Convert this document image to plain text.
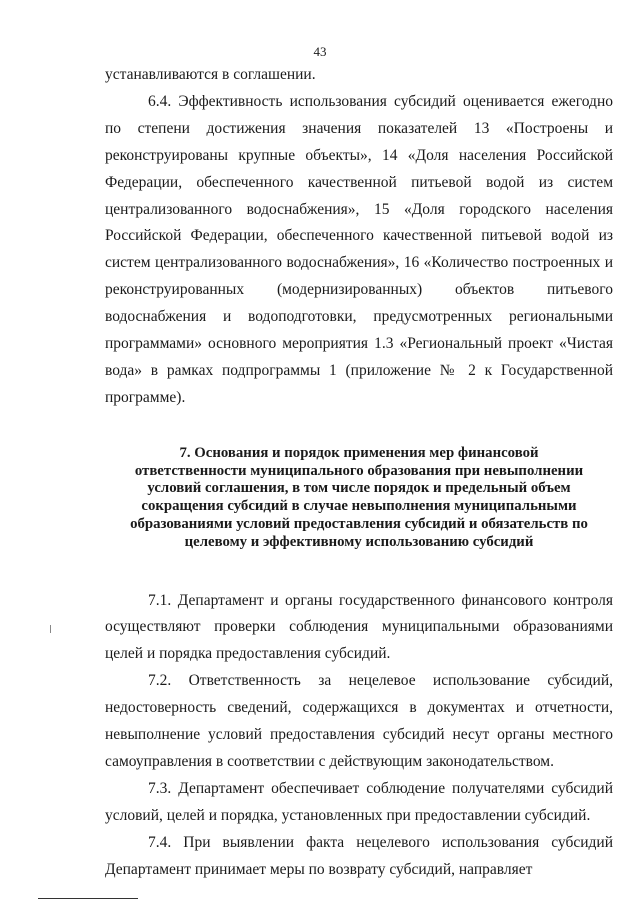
43

устанавливаются в соглашении.

6.4. Эффективность использования субсидий оценивается ежегодно по степени достижения значения показателей 13 «Построены и реконструированы крупные объекты», 14 «Доля населения Российской Федерации, обеспеченного качественной питьевой водой из систем централизованного водоснабжения», 15 «Доля городского населения Российской Федерации, обеспеченного качественной питьевой водой из систем централизованного водоснабжения», 16 «Количество построенных и реконструированных (модернизированных) объектов питьевого водоснабжения и водоподготовки, предусмотренных региональными программами» основного мероприятия 1.3 «Региональный проект «Чистая вода» в рамках подпрограммы 1 (приложение № 2 к Государственной программе).

7. Основания и порядок применения мер финансовой ответственности муниципального образования при невыполнении условий соглашения, в том числе порядок и предельный объем сокращения субсидий в случае невыполнения муниципальными образованиями условий предоставления субсидий и обязательств по целевому и эффективному использованию субсидий

7.1. Департамент и органы государственного финансового контроля осуществляют проверки соблюдения муниципальными образованиями целей и порядка предоставления субсидий.

7.2. Ответственность за нецелевое использование субсидий, недостоверность сведений, содержащихся в документах и отчетности, невыполнение условий предоставления субсидий несут органы местного самоуправления в соответствии с действующим законодательством.

7.3. Департамент обеспечивает соблюдение получателями субсидий условий, целей и порядка, установленных при предоставлении субсидий.

7.4. При выявлении факта нецелевого использования субсидий Департамент принимает меры по возврату субсидий, направляет
